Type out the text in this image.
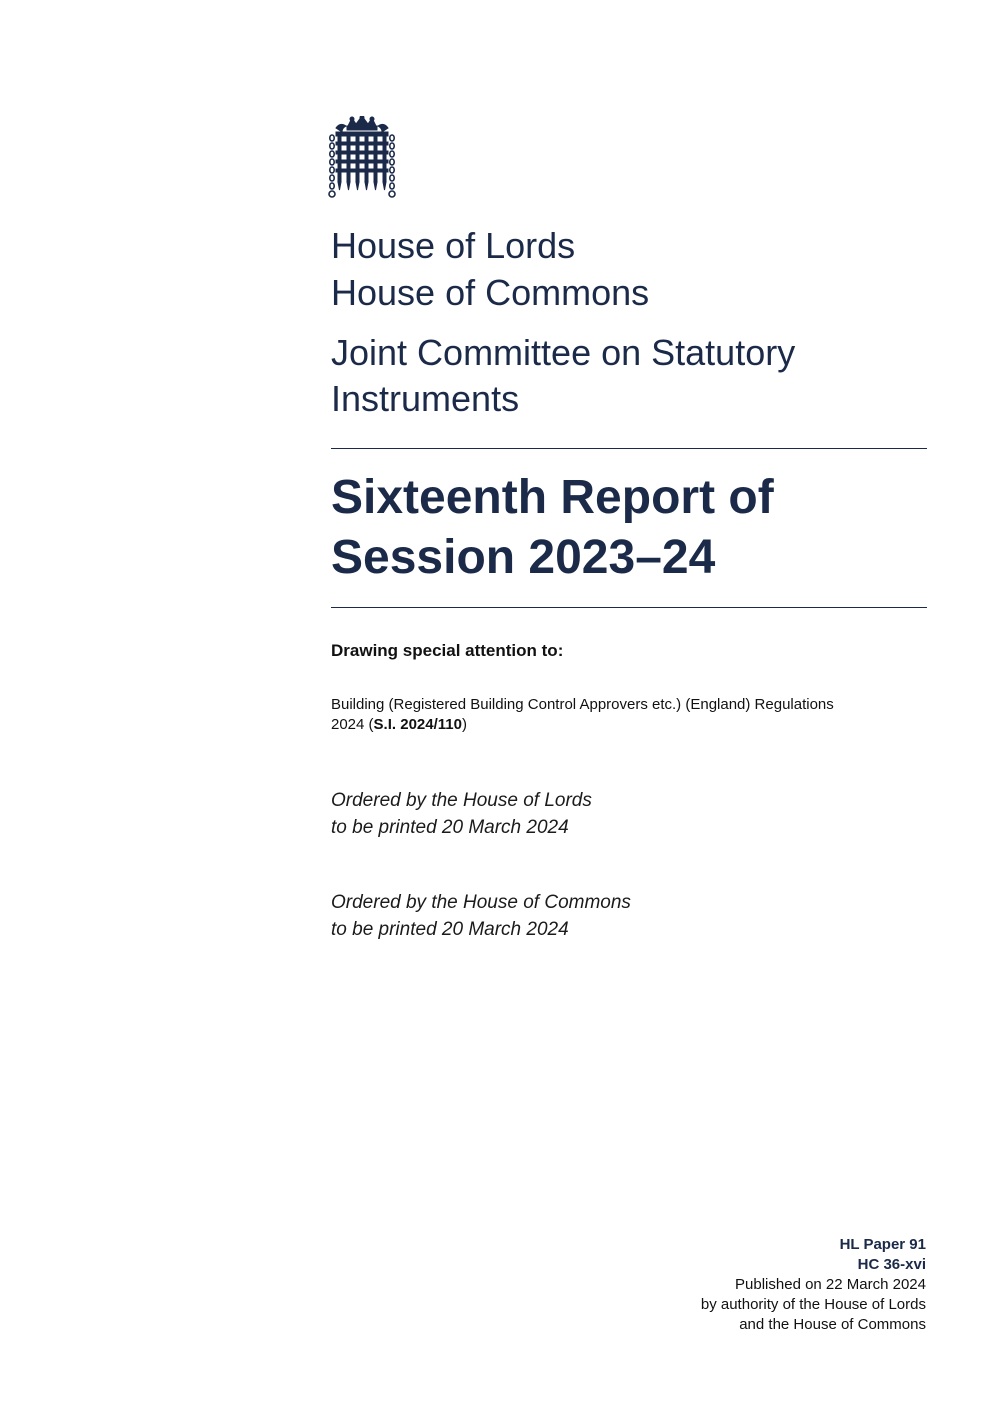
House of Lords
House of Commons
Joint Committee on Statutory
Instruments
Sixteenth Report of
Session 2023–24
Drawing special attention to:
Building (Registered Building Control Approvers etc.) (England) Regulations
2024 (S.I. 2024/110)
Ordered by the House of Lords
to be printed 20 March 2024
Ordered by the House of Commons
to be printed 20 March 2024
HL Paper 91
HC 36-xvi
Published on 22 March 2024
by authority of the House of Lords
and the House of Commons
